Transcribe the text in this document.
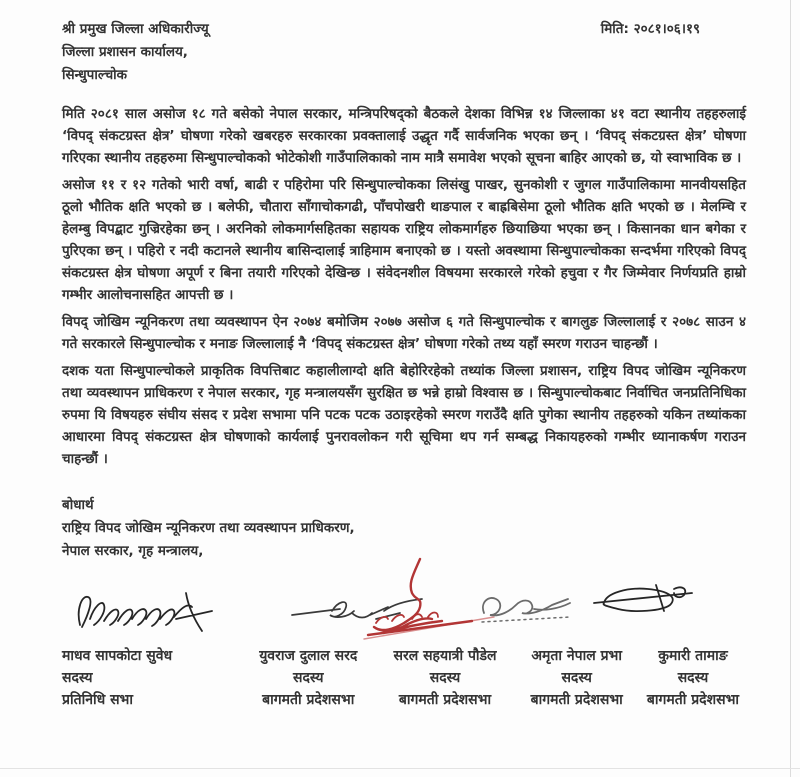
श्री प्रमुख जिल्ला अधिकारीज्यू
जिल्ला प्रशासन कार्यालय,
सिन्धुपाल्चोक
मिति: २०८१।०६।१९

मिति २०८१ साल असोज १८ गते बसेको नेपाल सरकार, मन्त्रिपरिषद्को बैठकले देशका विभिन्न १४ जिल्लाका ४१ वटा स्थानीय तहहरुलाई ‘विपद् संकटग्रस्त क्षेत्र’ घोषणा गरेको खबरहरु सरकारका प्रवक्तालाई उद्धृत गर्दै सार्वजनिक भएका छन् । ‘विपद् संकटग्रस्त क्षेत्र’ घोषणा गरिएका स्थानीय तहहरुमा सिन्धुपाल्चोकको भोटेकोशी गाउँपालिकाको नाम मात्रै समावेश भएको सूचना बाहिर आएको छ, यो स्वाभाविक छ ।

असोज ११ र १२ गतेको भारी वर्षा, बाढी र पहिरोमा परि सिन्धुपाल्चोकका लिसंखु पाखर, सुनकोशी र जुगल गाउँपालिकामा मानवीयसहित ठूलो भौतिक क्षति भएको छ । बलेफी, चौतारा साँगाचोकगढी, पाँचपोखरी थाङपाल र बाह्रबिसेमा ठूलो भौतिक क्षति भएको छ । मेलम्चि र हेलम्बु विपद्बाट गुज्रिरहेका छन् । अरनिको लोकमार्गसहितका सहायक राष्ट्रिय लोकमार्गहरु छियाछिया भएका छन् । किसानका धान बगेका र पुरिएका छन् । पहिरो र नदी कटानले स्थानीय बासिन्दालाई त्राहिमाम बनाएको छ । यस्तो अवस्थामा सिन्धुपाल्चोकका सन्दर्भमा गरिएको विपद् संकटग्रस्त क्षेत्र घोषणा अपूर्ण र बिना तयारी गरिएको देखिन्छ । संवेदनशील विषयमा सरकारले गरेको हचुवा र गैर जिम्मेवार निर्णयप्रति हाम्रो गम्भीर आलोचनासहित आपत्ती छ ।

विपद् जोखिम न्यूनिकरण तथा व्यवस्थापन ऐन २०७४ बमोजिम २०७७ असोज ६ गते सिन्धुपाल्चोक र बागलुङ जिल्लालाई र २०७८ साउन ४ गते सरकारले सिन्धुपाल्चोक र मनाङ जिल्लालाई नै ‘विपद् संकटग्रस्त क्षेत्र’ घोषणा गरेको तथ्य यहाँ स्मरण गराउन चाहन्छौं ।

दशक यता सिन्धुपाल्चोकले प्राकृतिक विपत्तिबाट कहालीलाग्दो क्षति बेहोरिरहेको तथ्यांक जिल्ला प्रशासन, राष्ट्रिय विपद जोखिम न्यूनिकरण तथा व्यवस्थापन प्राधिकरण र नेपाल सरकार, गृह मन्त्रालयसँग सुरक्षित छ भन्ने हाम्रो विश्वास छ । सिन्धुपाल्चोकबाट निर्वाचित जनप्रतिनिधिका रुपमा यि विषयहरु संघीय संसद र प्रदेश सभामा पनि पटक पटक उठाइरहेको स्मरण गराउँदै क्षति पुगेका स्थानीय तहहरुको यकिन तथ्यांकका आधारमा विपद् संकटग्रस्त क्षेत्र घोषणाको कार्यलाई पुनरावलोकन गरी सूचिमा थप गर्न सम्बद्ध निकायहरुको गम्भीर ध्यानाकर्षण गराउन चाहन्छौं ।

बोधार्थ
राष्ट्रिय विपद जोखिम न्यूनिकरण तथा व्यवस्थापन प्राधिकरण,
नेपाल सरकार, गृह मन्त्रालय,
माधव सापकोटा सुवेध
सदस्य
प्रतिनिधि सभा
युवराज दुलाल सरद
सदस्य
बागमती प्रदेशसभा
सरल सहयात्री पौडेल
सदस्य
बागमती प्रदेशसभा
अमृता नेपाल प्रभा
सदस्य
बागमती प्रदेशसभा
कुमारी तामाङ
सदस्य
बागमती प्रदेशसभा
